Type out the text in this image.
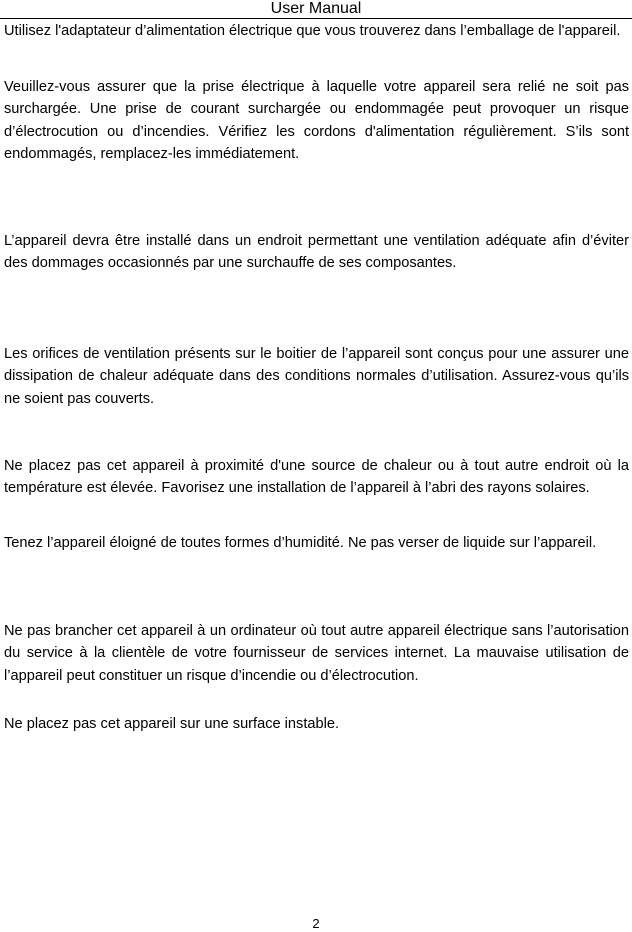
User Manual

Utilisez l'adaptateur d’alimentation électrique que vous trouverez dans l’emballage de l'appareil.

Veuillez-vous assurer que la prise électrique à laquelle votre appareil sera relié ne soit pas surchargée. Une prise de courant surchargée ou endommagée peut provoquer un risque d’électrocution ou d’incendies. Vérifiez les cordons d'alimentation régulièrement. S’ils sont endommagés, remplacez-les immédiatement.

L’appareil devra être installé dans un endroit permettant une ventilation adéquate afin d’éviter des dommages occasionnés par une surchauffe de ses composantes.

Les orifices de ventilation présents sur le boitier de l’appareil sont conçus pour une assurer une dissipation de chaleur adéquate dans des conditions normales d’utilisation. Assurez-vous qu’ils ne soient pas couverts.

Ne placez pas cet appareil à proximité d'une source de chaleur ou à tout autre endroit où la température est élevée. Favorisez une installation de l’appareil à l’abri des rayons solaires.

Tenez l’appareil éloigné de toutes formes d’humidité. Ne pas verser de liquide sur l’appareil.

Ne pas brancher cet appareil à un ordinateur où tout autre appareil électrique sans l’autorisation du service à la clientèle de votre fournisseur de services internet. La mauvaise utilisation de l’appareil peut constituer un risque d’incendie ou d’électrocution.

Ne placez pas cet appareil sur une surface instable.

2
